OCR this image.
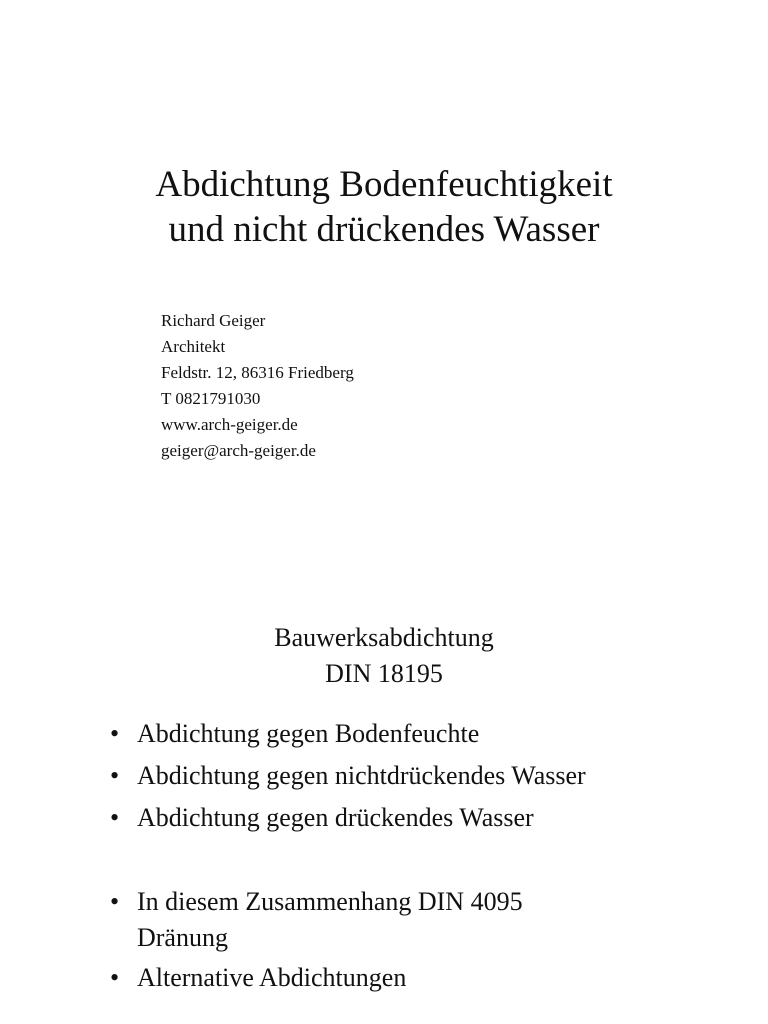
Abdichtung Bodenfeuchtigkeit
und nicht drückendes Wasser
Richard Geiger
Architekt
Feldstr. 12, 86316 Friedberg
T 0821791030
www.arch-geiger.de
geiger@arch-geiger.de
Bauwerksabdichtung
DIN 18195
• Abdichtung gegen Bodenfeuchte
• Abdichtung gegen nichtdrückendes Wasser
• Abdichtung gegen drückendes Wasser
• In diesem Zusammenhang DIN 4095 Dränung
• Alternative Abdichtungen
